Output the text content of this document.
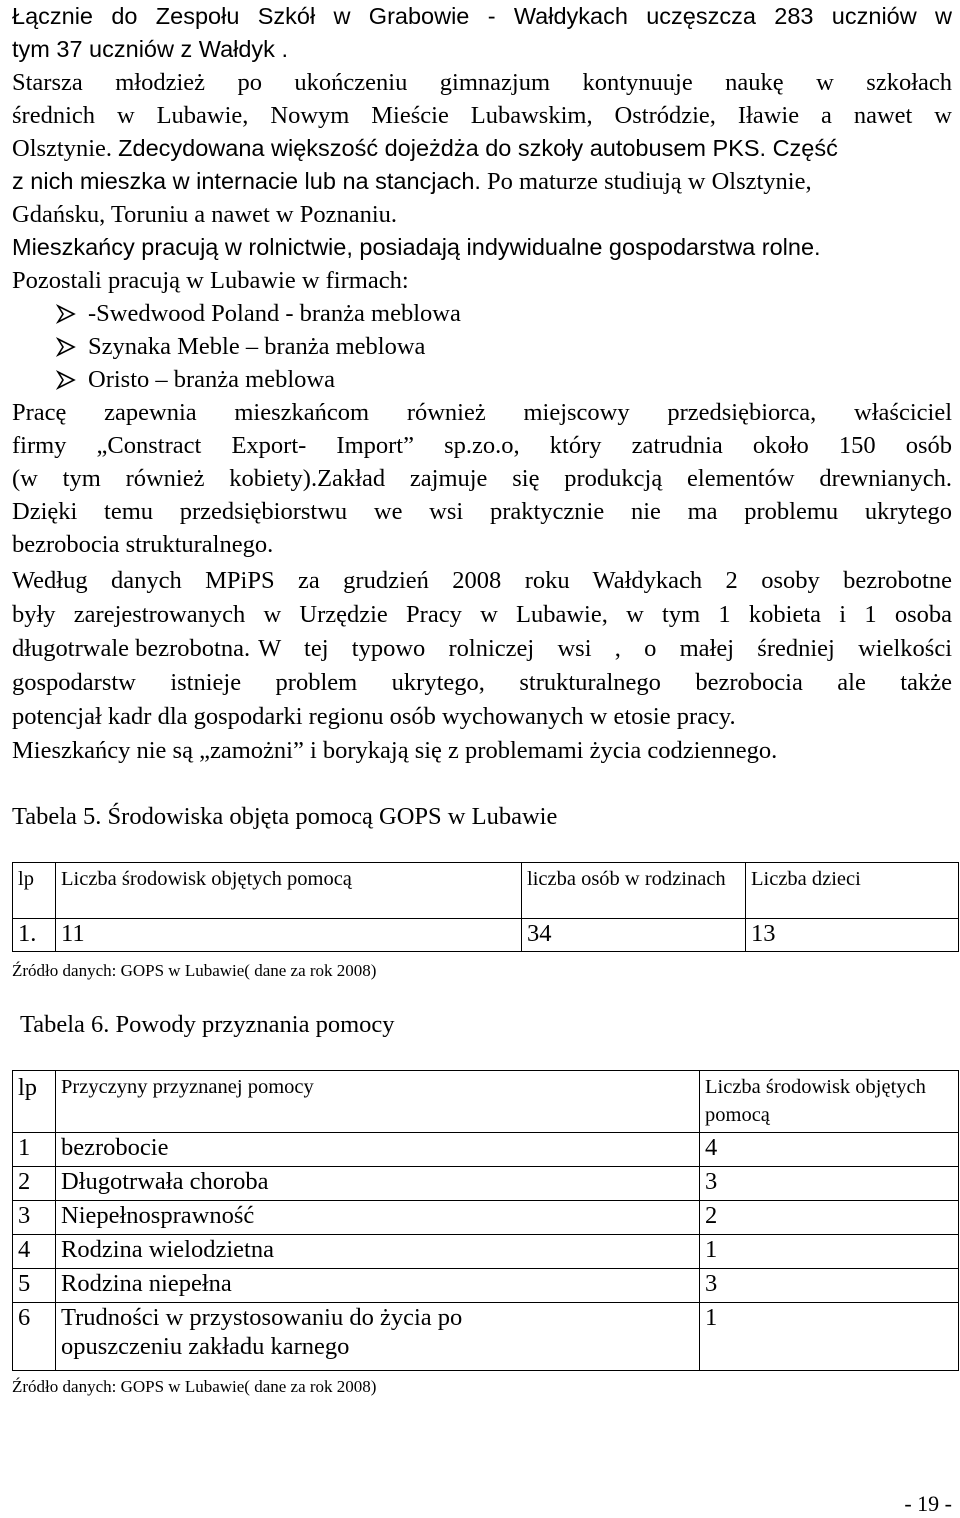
Łącznie do Zespołu Szkół w Grabowie - Wałdykach uczęszcza 283 uczniów w
tym 37 uczniów z Wałdyk .
Starsza młodzież po ukończeniu gimnazjum kontynuuje naukę w szkołach
średnich w Lubawie, Nowym Mieście Lubawskim, Ostródzie, Iławie a nawet w
Olsztynie. Zdecydowana większość dojeżdża do szkoły autobusem PKS. Część
z nich mieszka w internacie lub na stancjach. Po maturze studiują w Olsztynie,
Gdańsku, Toruniu a nawet w Poznaniu.
Mieszkańcy pracują w rolnictwie, posiadają indywidualne gospodarstwa rolne.
Pozostali pracują w Lubawie w firmach:
-Swedwood Poland - branża meblowa
Szynaka Meble – branża meblowa
Oristo – branża meblowa
Pracę zapewnia mieszkańcom również miejscowy przedsiębiorca, właściciel
firmy „Constract Export- Import” sp.zo.o, który zatrudnia około 150 osób
(w tym również kobiety).Zakład zajmuje się produkcją elementów drewnianych.
Dzięki temu przedsiębiorstwu we wsi praktycznie nie ma problemu ukrytego
bezrobocia strukturalnego.
Według danych MPiPS za grudzień 2008 roku Wałdykach 2 osoby bezrobotne
były zarejestrowanych w Urzędzie Pracy w Lubawie, w tym 1 kobieta i 1 osoba
długotrwale bezrobotna. W tej typowo rolniczej wsi , o małej średniej wielkości
gospodarstw istnieje problem ukrytego, strukturalnego bezrobocia ale także
potencjał kadr dla gospodarki regionu osób wychowanych w etosie pracy.
Mieszkańcy nie są „zamożni” i borykają się z problemami życia codziennego.
Tabela 5. Środowiska objęta pomocą GOPS w Lubawie
lp	Liczba środowisk objętych pomocą	liczba osób w rodzinach	Liczba dzieci
1.	11	34	13
Źródło danych: GOPS w Lubawie( dane za rok 2008)
Tabela 6. Powody przyznania pomocy
lp	Przyczyny przyznanej pomocy	Liczba środowisk objętych pomocą
1	bezrobocie	4
2	Długotrwała choroba	3
3	Niepełnosprawność	2
4	Rodzina wielodzietna	1
5	Rodzina niepełna	3
6	Trudności w przystosowaniu do życia po opuszczeniu zakładu karnego	1
Źródło danych: GOPS w Lubawie( dane za rok 2008)
- 19 -
